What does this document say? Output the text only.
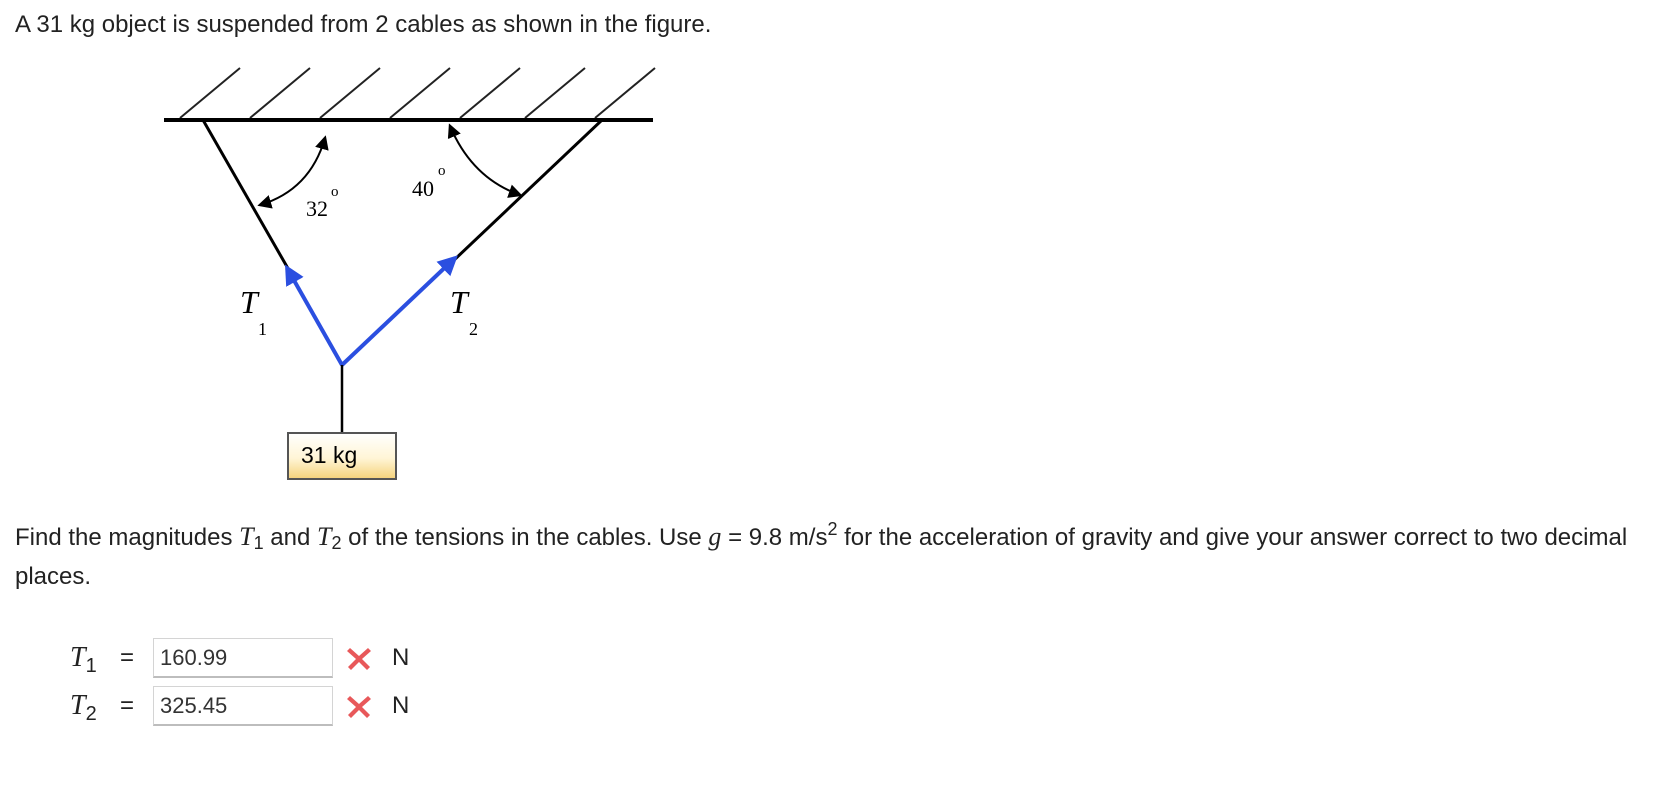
A 31 kg object is suspended from 2 cables as shown in the figure.
32
o	40
o
T
1
T
2
31 kg
Find the magnitudes $T_1$ and $T_2$ of the tensions in the cables. Use g = 9.8 $m/s^2$ for the acceleration of gravity and give your answer correct to two decimal places.
$T_1$ =
160.99	N
$T_2$ =
325.45	N
